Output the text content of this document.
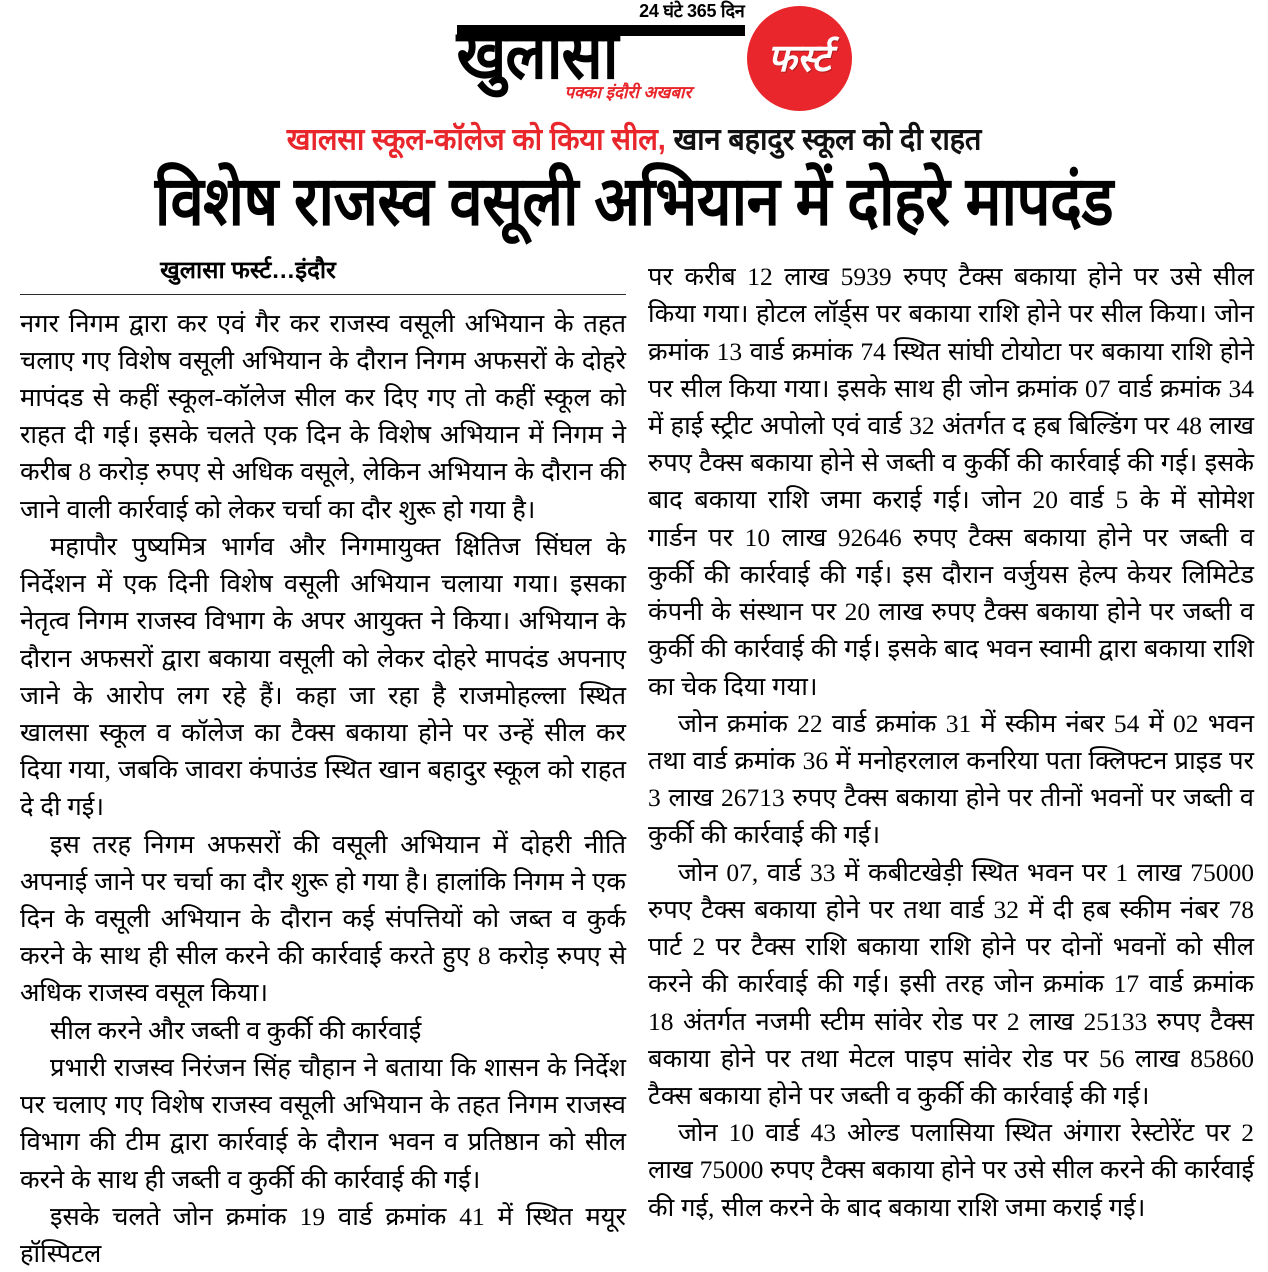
24 घंटे 365 दिन
खुलासा
पक्का इंदौरी अखबार
फर्स्ट
खालसा स्कूल-कॉलेज को किया सील, खान बहादुर स्कूल को दी राहत
विशेष राजस्व वसूली अभियान में दोहरे मापदंड
खुलासा फर्स्ट…इंदौर

नगर निगम द्वारा कर एवं गैर कर राजस्व वसूली अभियान के तहत चलाए गए विशेष वसूली अभियान के दौरान निगम अफसरों के दोहरे मापंदड से कहीं स्कूल-कॉलेज सील कर दिए गए तो कहीं स्कूल को राहत दी गई। इसके चलते एक दिन के विशेष अभियान में निगम ने करीब 8 करोड़ रुपए से अधिक वसूले, लेकिन अभियान के दौरान की जाने वाली कार्रवाई को लेकर चर्चा का दौर शुरू हो गया है।

महापौर पुष्यमित्र भार्गव और निगमायुक्त क्षितिज सिंघल के निर्देशन में एक दिनी विशेष वसूली अभियान चलाया गया। इसका नेतृत्व निगम राजस्व विभाग के अपर आयुक्त ने किया। अभियान के दौरान अफसरों द्वारा बकाया वसूली को लेकर दोहरे मापदंड अपनाए जाने के आरोप लग रहे हैं। कहा जा रहा है राजमोहल्ला स्थित खालसा स्कूल व कॉलेज का टैक्स बकाया होने पर उन्हें सील कर दिया गया, जबकि जावरा कंपाउंड स्थित खान बहादुर स्कूल को राहत दे दी गई।

इस तरह निगम अफसरों की वसूली अभियान में दोहरी नीति अपनाई जाने पर चर्चा का दौर शुरू हो गया है। हालांकि निगम ने एक दिन के वसूली अभियान के दौरान कई संपत्तियों को जब्त व कुर्क करने के साथ ही सील करने की कार्रवाई करते हुए 8 करोड़ रुपए से अधिक राजस्व वसूल किया।

सील करने और जब्ती व कुर्की की कार्रवाई

प्रभारी राजस्व निरंजन सिंह चौहान ने बताया कि शासन के निर्देश पर चलाए गए विशेष राजस्व वसूली अभियान के तहत निगम राजस्व विभाग की टीम द्वारा कार्रवाई के दौरान भवन व प्रतिष्ठान को सील करने के साथ ही जब्ती व कुर्की की कार्रवाई की गई।

इसके चलते जोन क्रमांक 19 वार्ड क्रमांक 41 में स्थित मयूर हॉस्पिटल

पर करीब 12 लाख 5939 रुपए टैक्स बकाया होने पर उसे सील किया गया। होटल लॉर्ड्स पर बकाया राशि होने पर सील किया। जोन क्रमांक 13 वार्ड क्रमांक 74 स्थित सांघी टोयोटा पर बकाया राशि होने पर सील किया गया। इसके साथ ही जोन क्रमांक 07 वार्ड क्रमांक 34 में हाई स्ट्रीट अपोलो एवं वार्ड 32 अंतर्गत द हब बिल्डिंग पर 48 लाख रुपए टैक्स बकाया होने से जब्ती व कुर्की की कार्रवाई की गई। इसके बाद बकाया राशि जमा कराई गई। जोन 20 वार्ड 5 के में सोमेश गार्डन पर 10 लाख 92646 रुपए टैक्स बकाया होने पर जब्ती व कुर्की की कार्रवाई की गई। इस दौरान वर्जुयस हेल्प केयर लिमिटेड कंपनी के संस्थान पर 20 लाख रुपए टैक्स बकाया होने पर जब्ती व कुर्की की कार्रवाई की गई। इसके बाद भवन स्वामी द्वारा बकाया राशि का चेक दिया गया।

जोन क्रमांक 22 वार्ड क्रमांक 31 में स्कीम नंबर 54 में 02 भवन तथा वार्ड क्रमांक 36 में मनोहरलाल कनरिया पता क्लिफ्टन प्राइड पर 3 लाख 26713 रुपए टैक्स बकाया होने पर तीनों भवनों पर जब्ती व कुर्की की कार्रवाई की गई।

जोन 07, वार्ड 33 में कबीटखेड़ी स्थित भवन पर 1 लाख 75000 रुपए टैक्स बकाया होने पर तथा वार्ड 32 में दी हब स्कीम नंबर 78 पार्ट 2 पर टैक्स राशि बकाया राशि होने पर दोनों भवनों को सील करने की कार्रवाई की गई। इसी तरह जोन क्रमांक 17 वार्ड क्रमांक 18 अंतर्गत नजमी स्टीम सांवेर रोड पर 2 लाख 25133 रुपए टैक्स बकाया होने पर तथा मेटल पाइप सांवेर रोड पर 56 लाख 85860 टैक्स बकाया होने पर जब्ती व कुर्की की कार्रवाई की गई।

जोन 10 वार्ड 43 ओल्ड पलासिया स्थित अंगारा रेस्टोरेंट पर 2 लाख 75000 रुपए टैक्स बकाया होने पर उसे सील करने की कार्रवाई की गई, सील करने के बाद बकाया राशि जमा कराई गई।
